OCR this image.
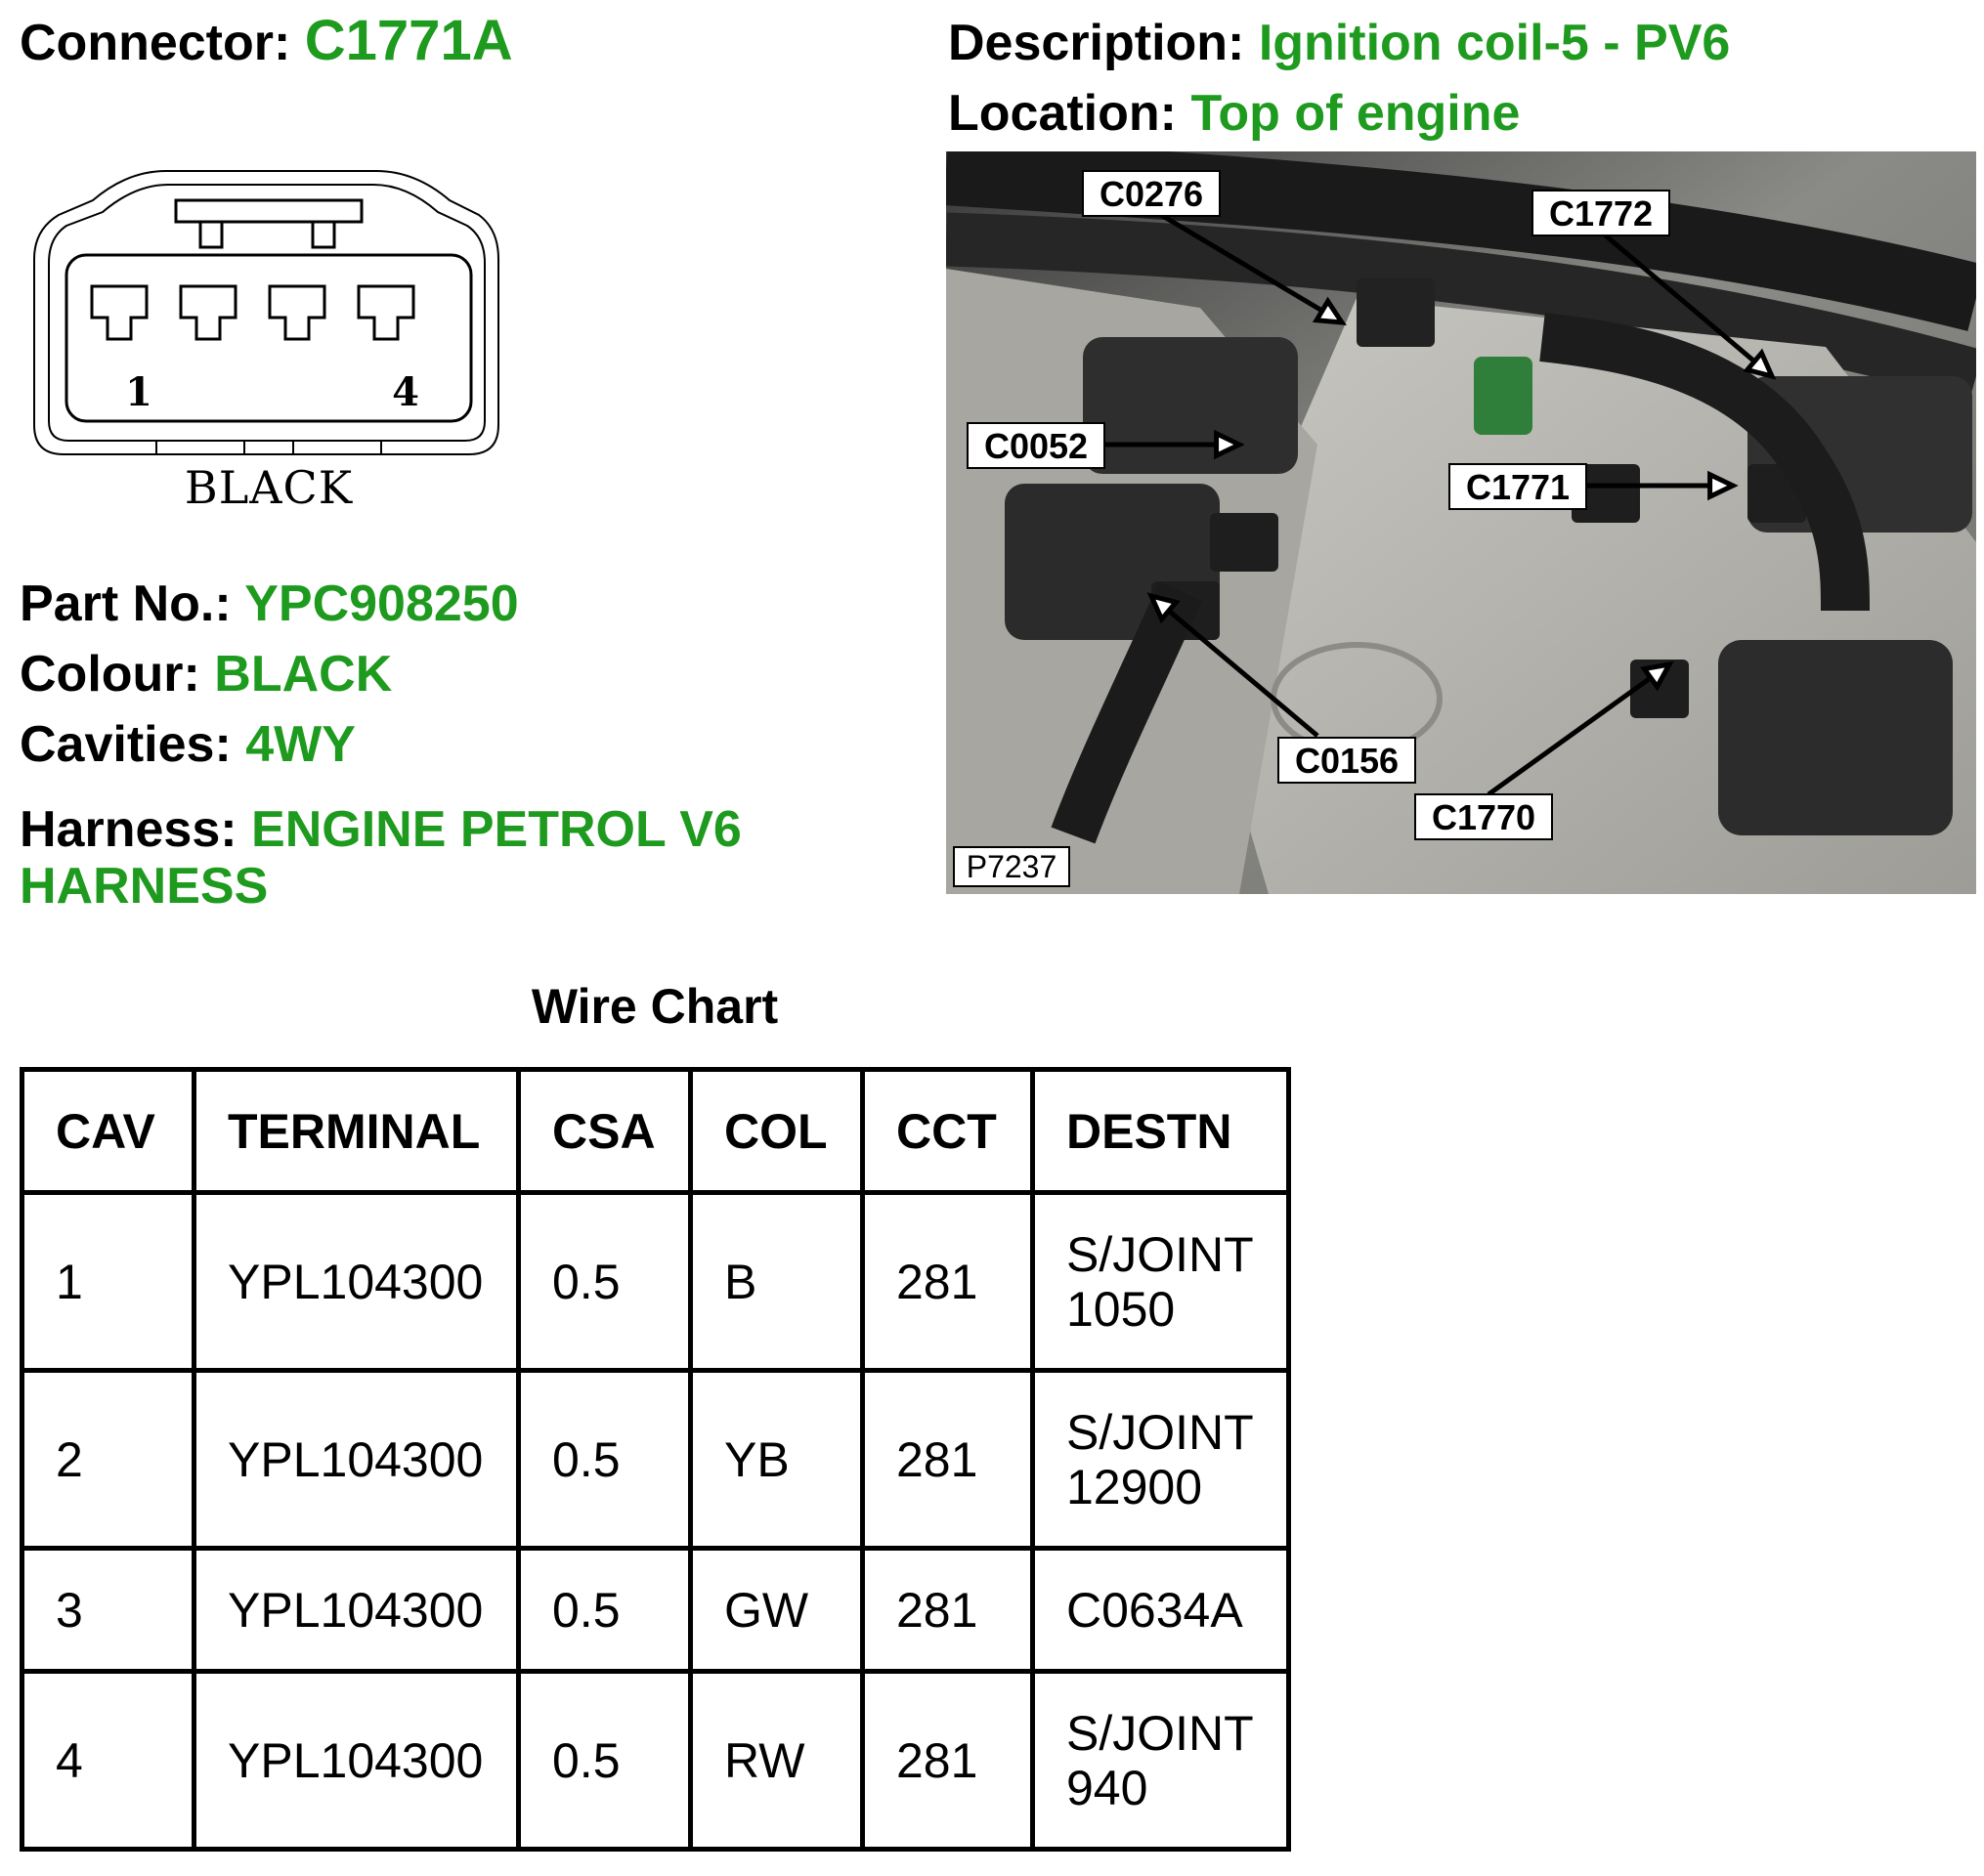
Connector: C1771A	Description: Ignition coil-5 - PV6
Location: Top of engine
1	4
BLACK
Part No.: YPC908250
Colour: BLACK
Cavities: 4WY
Harness: ENGINE PETROL V6 HARNESS
C0276	C1772
C0052
C1771
C0156
C1770
P7237
Wire Chart
CAV	TERMINAL	CSA	COL	CCT	DESTN
1	YPL104300	0.5	B	281	S/JOINT 1050
2	YPL104300	0.5	YB	281	S/JOINT 12900
3	YPL104300	0.5	GW	281	C0634A
4	YPL104300	0.5	RW	281	S/JOINT 940
